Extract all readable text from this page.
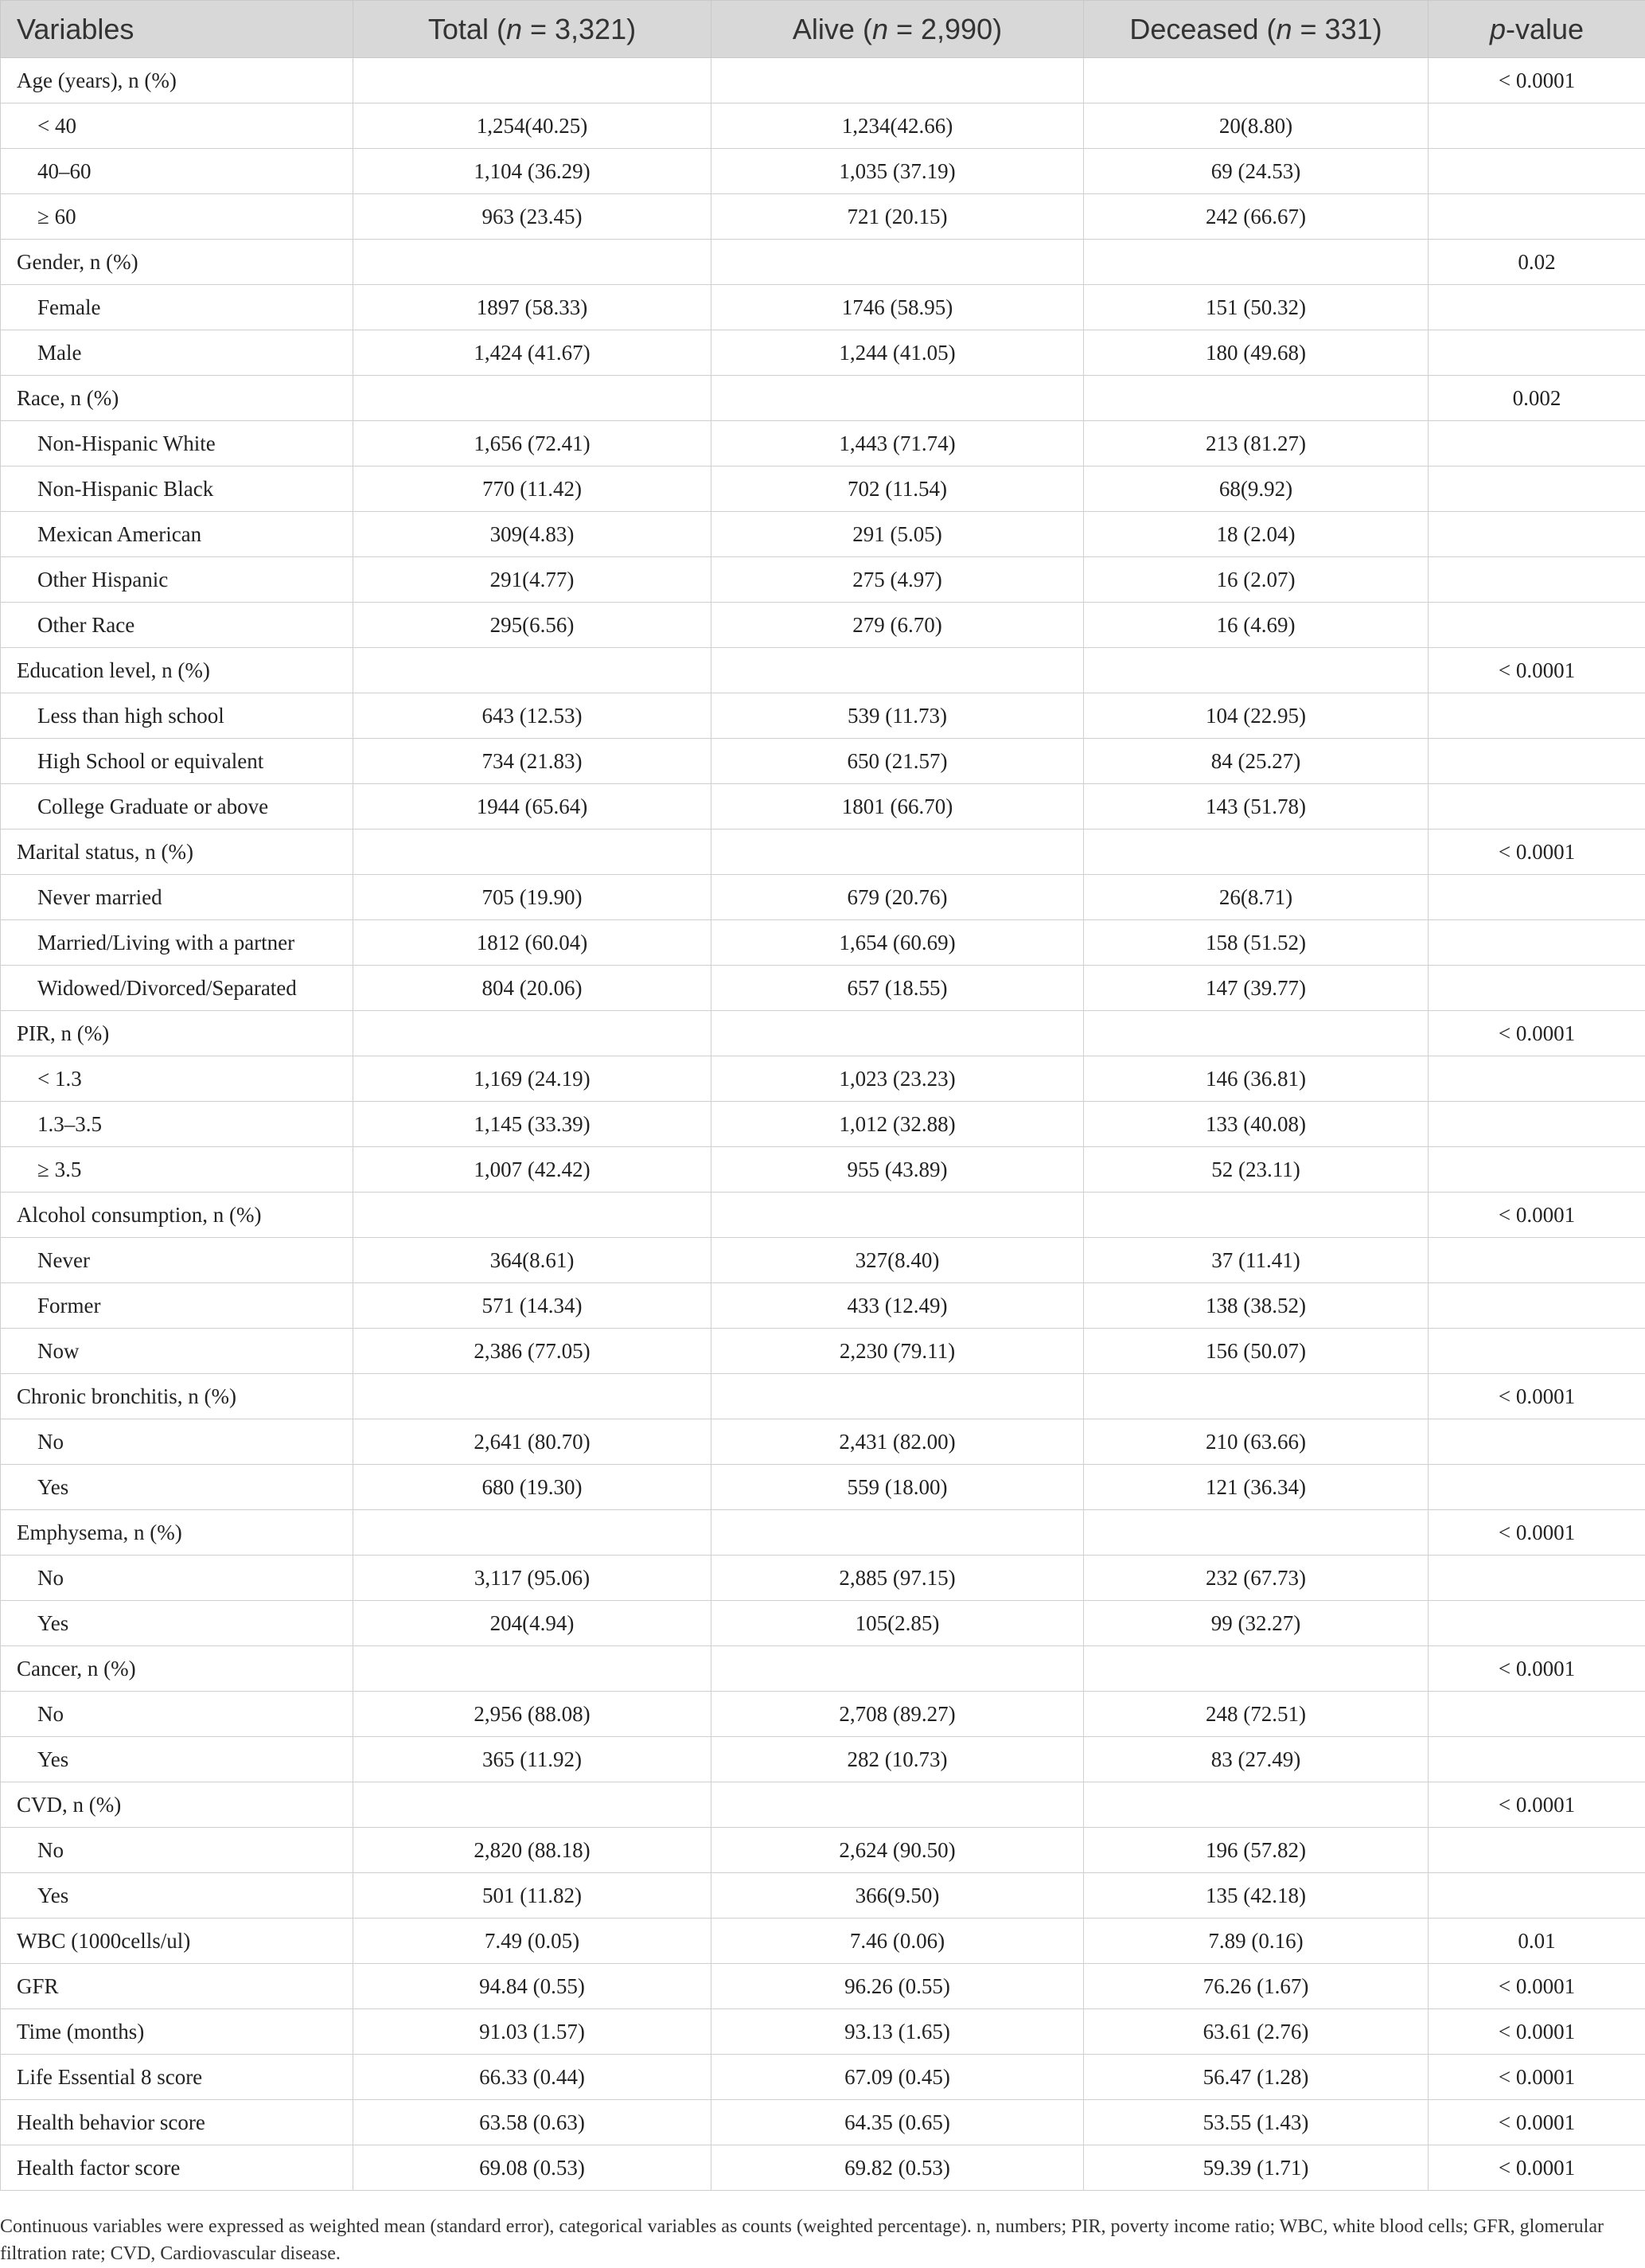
Variables	Total (n = 3,321)	Alive (n = 2,990)	Deceased (n = 331)	p-value
Age (years), n (%)				< 0.0001
< 40	1,254(40.25)	1,234(42.66)	20(8.80)	
40–60	1,104 (36.29)	1,035 (37.19)	69 (24.53)	
≥ 60	963 (23.45)	721 (20.15)	242 (66.67)	
Gender, n (%)				0.02
Female	1897 (58.33)	1746 (58.95)	151 (50.32)	
Male	1,424 (41.67)	1,244 (41.05)	180 (49.68)	
Race, n (%)				0.002
Non-Hispanic White	1,656 (72.41)	1,443 (71.74)	213 (81.27)	
Non-Hispanic Black	770 (11.42)	702 (11.54)	68(9.92)	
Mexican American	309(4.83)	291 (5.05)	18 (2.04)	
Other Hispanic	291(4.77)	275 (4.97)	16 (2.07)	
Other Race	295(6.56)	279 (6.70)	16 (4.69)	
Education level, n (%)				< 0.0001
Less than high school	643 (12.53)	539 (11.73)	104 (22.95)	
High School or equivalent	734 (21.83)	650 (21.57)	84 (25.27)	
College Graduate or above	1944 (65.64)	1801 (66.70)	143 (51.78)	
Marital status, n (%)				< 0.0001
Never married	705 (19.90)	679 (20.76)	26(8.71)	
Married/Living with a partner	1812 (60.04)	1,654 (60.69)	158 (51.52)	
Widowed/Divorced/Separated	804 (20.06)	657 (18.55)	147 (39.77)	
PIR, n (%)				< 0.0001
< 1.3	1,169 (24.19)	1,023 (23.23)	146 (36.81)	
1.3–3.5	1,145 (33.39)	1,012 (32.88)	133 (40.08)	
≥ 3.5	1,007 (42.42)	955 (43.89)	52 (23.11)	
Alcohol consumption, n (%)				< 0.0001
Never	364(8.61)	327(8.40)	37 (11.41)	
Former	571 (14.34)	433 (12.49)	138 (38.52)	
Now	2,386 (77.05)	2,230 (79.11)	156 (50.07)	
Chronic bronchitis, n (%)				< 0.0001
No	2,641 (80.70)	2,431 (82.00)	210 (63.66)	
Yes	680 (19.30)	559 (18.00)	121 (36.34)	
Emphysema, n (%)				< 0.0001
No	3,117 (95.06)	2,885 (97.15)	232 (67.73)	
Yes	204(4.94)	105(2.85)	99 (32.27)	
Cancer, n (%)				< 0.0001
No	2,956 (88.08)	2,708 (89.27)	248 (72.51)	
Yes	365 (11.92)	282 (10.73)	83 (27.49)	
CVD, n (%)				< 0.0001
No	2,820 (88.18)	2,624 (90.50)	196 (57.82)	
Yes	501 (11.82)	366(9.50)	135 (42.18)	
WBC (1000cells/ul)	7.49 (0.05)	7.46 (0.06)	7.89 (0.16)	0.01
GFR	94.84 (0.55)	96.26 (0.55)	76.26 (1.67)	< 0.0001
Time (months)	91.03 (1.57)	93.13 (1.65)	63.61 (2.76)	< 0.0001
Life Essential 8 score	66.33 (0.44)	67.09 (0.45)	56.47 (1.28)	< 0.0001
Health behavior score	63.58 (0.63)	64.35 (0.65)	53.55 (1.43)	< 0.0001
Health factor score	69.08 (0.53)	69.82 (0.53)	59.39 (1.71)	< 0.0001
Continuous variables were expressed as weighted mean (standard error), categorical variables as counts (weighted percentage). n, numbers; PIR, poverty income ratio; WBC, white blood cells; GFR, glomerular filtration rate; CVD, Cardiovascular disease.
